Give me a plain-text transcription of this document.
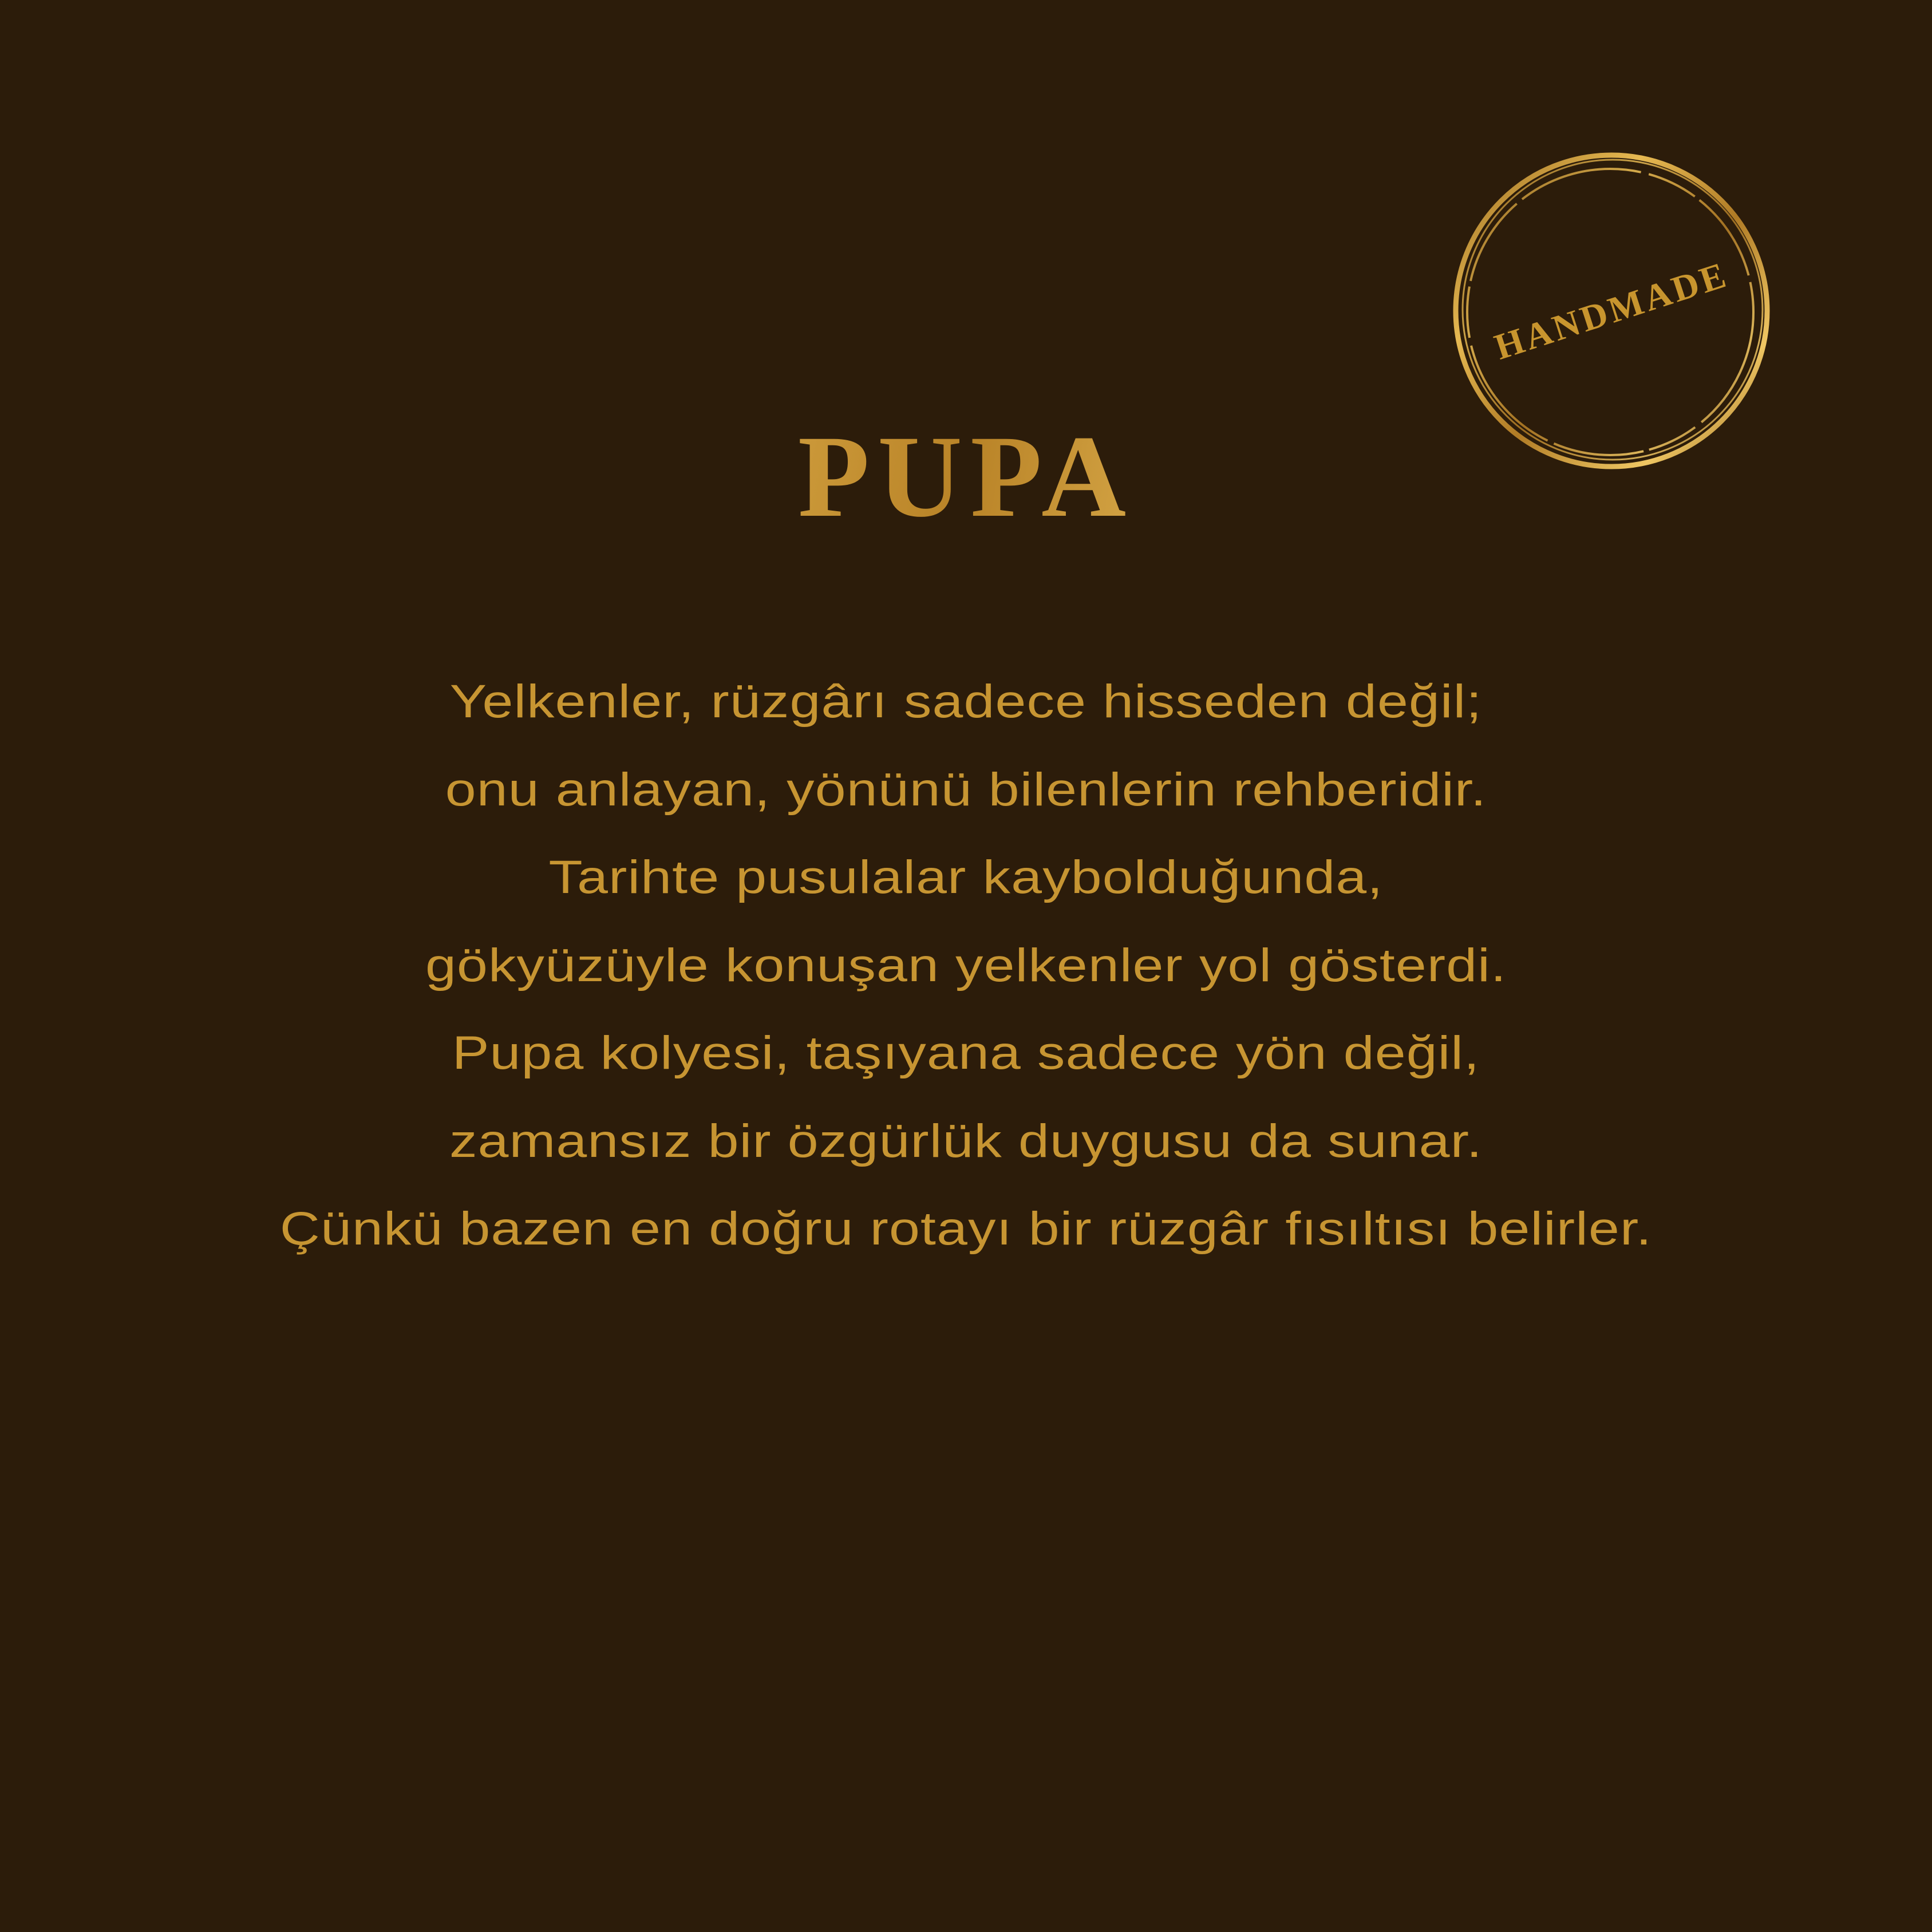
HANDMADE
PUPA
Yelkenler, rüzgârı sadece hisseden değil;
onu anlayan, yönünü bilenlerin rehberidir.
Tarihte pusulalar kaybolduğunda,
gökyüzüyle konuşan yelkenler yol gösterdi.
Pupa kolyesi, taşıyana sadece yön değil,
zamansız bir özgürlük duygusu da sunar.
Çünkü bazen en doğru rotayı bir rüzgâr fısıltısı belirler.
